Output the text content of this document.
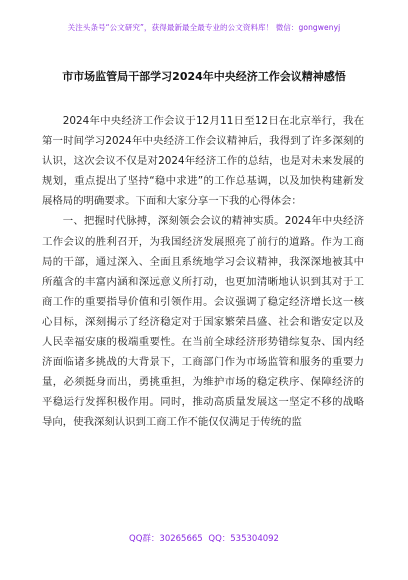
关注头条号“公文研究”，获得最新最全最专业的公文资料库！ 微信：gongwenyj
市市场监管局干部学习2024年中央经济工作会议精神感悟

2024年中央经济工作会议于12月11日至12日在北京举行，我在第一时间学习2024年中央经济工作会议精神后，我得到了许多深刻的认识，这次会议不仅是对2024年经济工作的总结，也是对未来发展的规划，重点提出了坚持“稳中求进”的工作总基调，以及加快构建新发展格局的明确要求。下面和大家分享一下我的心得体会：

一、把握时代脉搏，深刻领会会议的精神实质。2024年中央经济工作会议的胜利召开，为我国经济发展照亮了前行的道路。作为工商局的干部，通过深入、全面且系统地学习会议精神，我深深地被其中所蕴含的丰富内涵和深远意义所打动，也更加清晰地认识到其对于工商工作的重要指导价值和引领作用。会议强调了稳定经济增长这一核心目标，深刻揭示了经济稳定对于国家繁荣昌盛、社会和谐安定以及人民幸福安康的极端重要性。在当前全球经济形势错综复杂、国内经济面临诸多挑战的大背景下，工商部门作为市场监管和服务的重要力量，必须挺身而出，勇挑重担，为维护市场的稳定秩序、保障经济的平稳运行发挥积极作用。同时，推动高质量发展这一坚定不移的战略导向，使我深刻认识到工商工作不能仅仅满足于传统的监

QQ群：30265665 QQ：535304092
